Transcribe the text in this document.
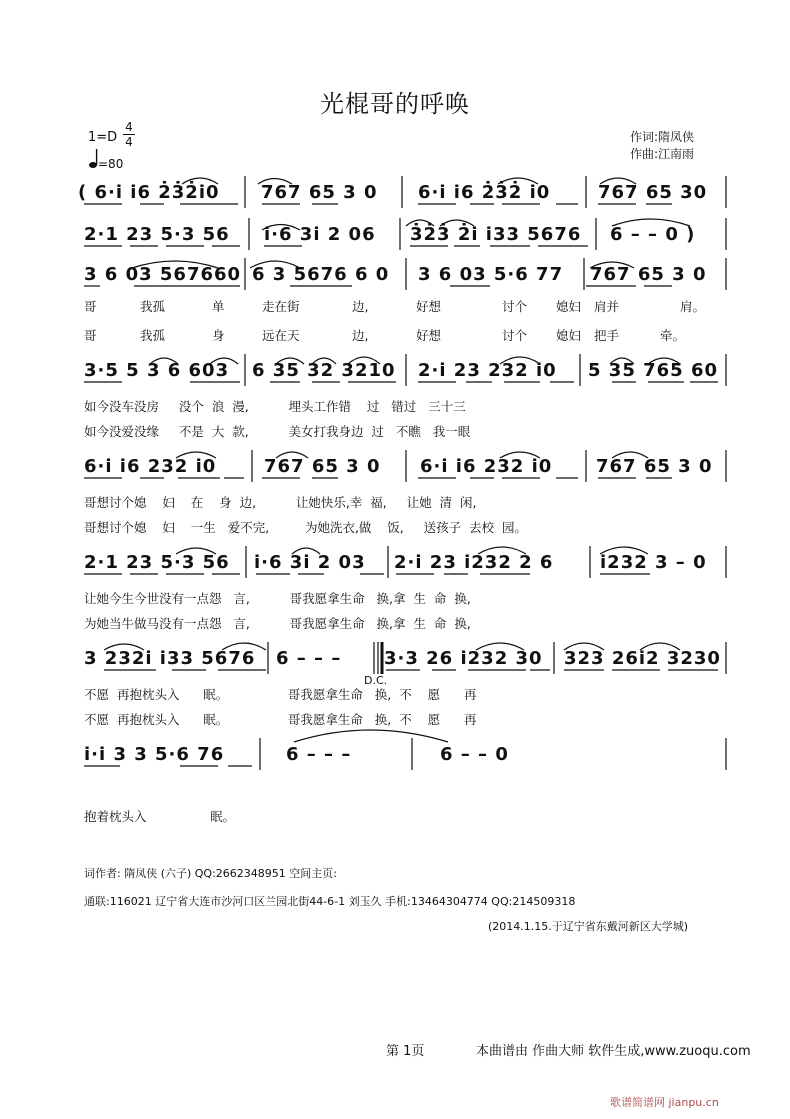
光棍哥的呼唤
1=D
4
4
=80
作词:隋凤侠
作曲:江南雨
( 6·i i6 2̇3̇2̇i0 767 65 3 0 6·i i6 2̇3̇2̇ i0	767 65 30
2·1 23 5·3 56 i·6 3i 2 06 3̇2̇3̇ 2̇i i33 5676 6 – – 0 )
3 6 03 567660 6 3 5676 6 0 3 6 03 5·6 77 767 65 3 0
3·5 5 3 6 603 6 35 32 3210 2·i 23 232 i0 5 35 765 60
6·i i6 232 i0	767 65 3 0 6·i i6 232 i0 767 65 3 0
2·1 23 5·3 56 i·6 3i 2 03 2·i 23 i232 2 6	i232 3 – 0
3 232i i33 5676 6 – – – 3·3 26 i232 30 323 26i2 3230
i·i 3 3 5·6 76	6 – – –	6 – – 0
哥	我孤	单	走在街	边,	好想	讨个 媳妇 肩并	肩。
哥	我孤	身	远在天	边,	好想	讨个 媳妇 把手	牵。
如今没车没房     没个  浪  漫,          埋头工作错    过   错过   三十三
如今没爱没缘     不是  大  款,          美女打我身边  过   不瞧   我一眼
哥想讨个媳    妇    在    身  边,          让她快乐,幸  福,     让她  清  闲,
哥想讨个媳    妇    一生   爱不完,         为她洗衣,做    饭,     送孩子  去校  园。
让她今生今世没有一点怨   言,          哥我愿拿生命   换,拿  生  命  换,
为她当牛做马没有一点怨   言,          哥我愿拿生命   换,拿  生  命  换,
不愿  再抱枕头入      眠。               哥我愿拿生命   换,  不    愿      再
不愿  再抱枕头入      眠。               哥我愿拿生命   换,  不    愿      再
抱着枕头入                眠。
D.C.
词作者: 隋凤侠 (六子) QQ:2662348951 空间主页:
通联:116021 辽宁省大连市沙河口区兰园北街44-6-1 刘玉久 手机:13464304774 QQ:214509318
(2014.1.15.于辽宁省东戴河新区大学城)
第 1页	本曲谱由 作曲大师 软件生成,www.zuoqu.com
歌谱简谱网 jianpu.cn
